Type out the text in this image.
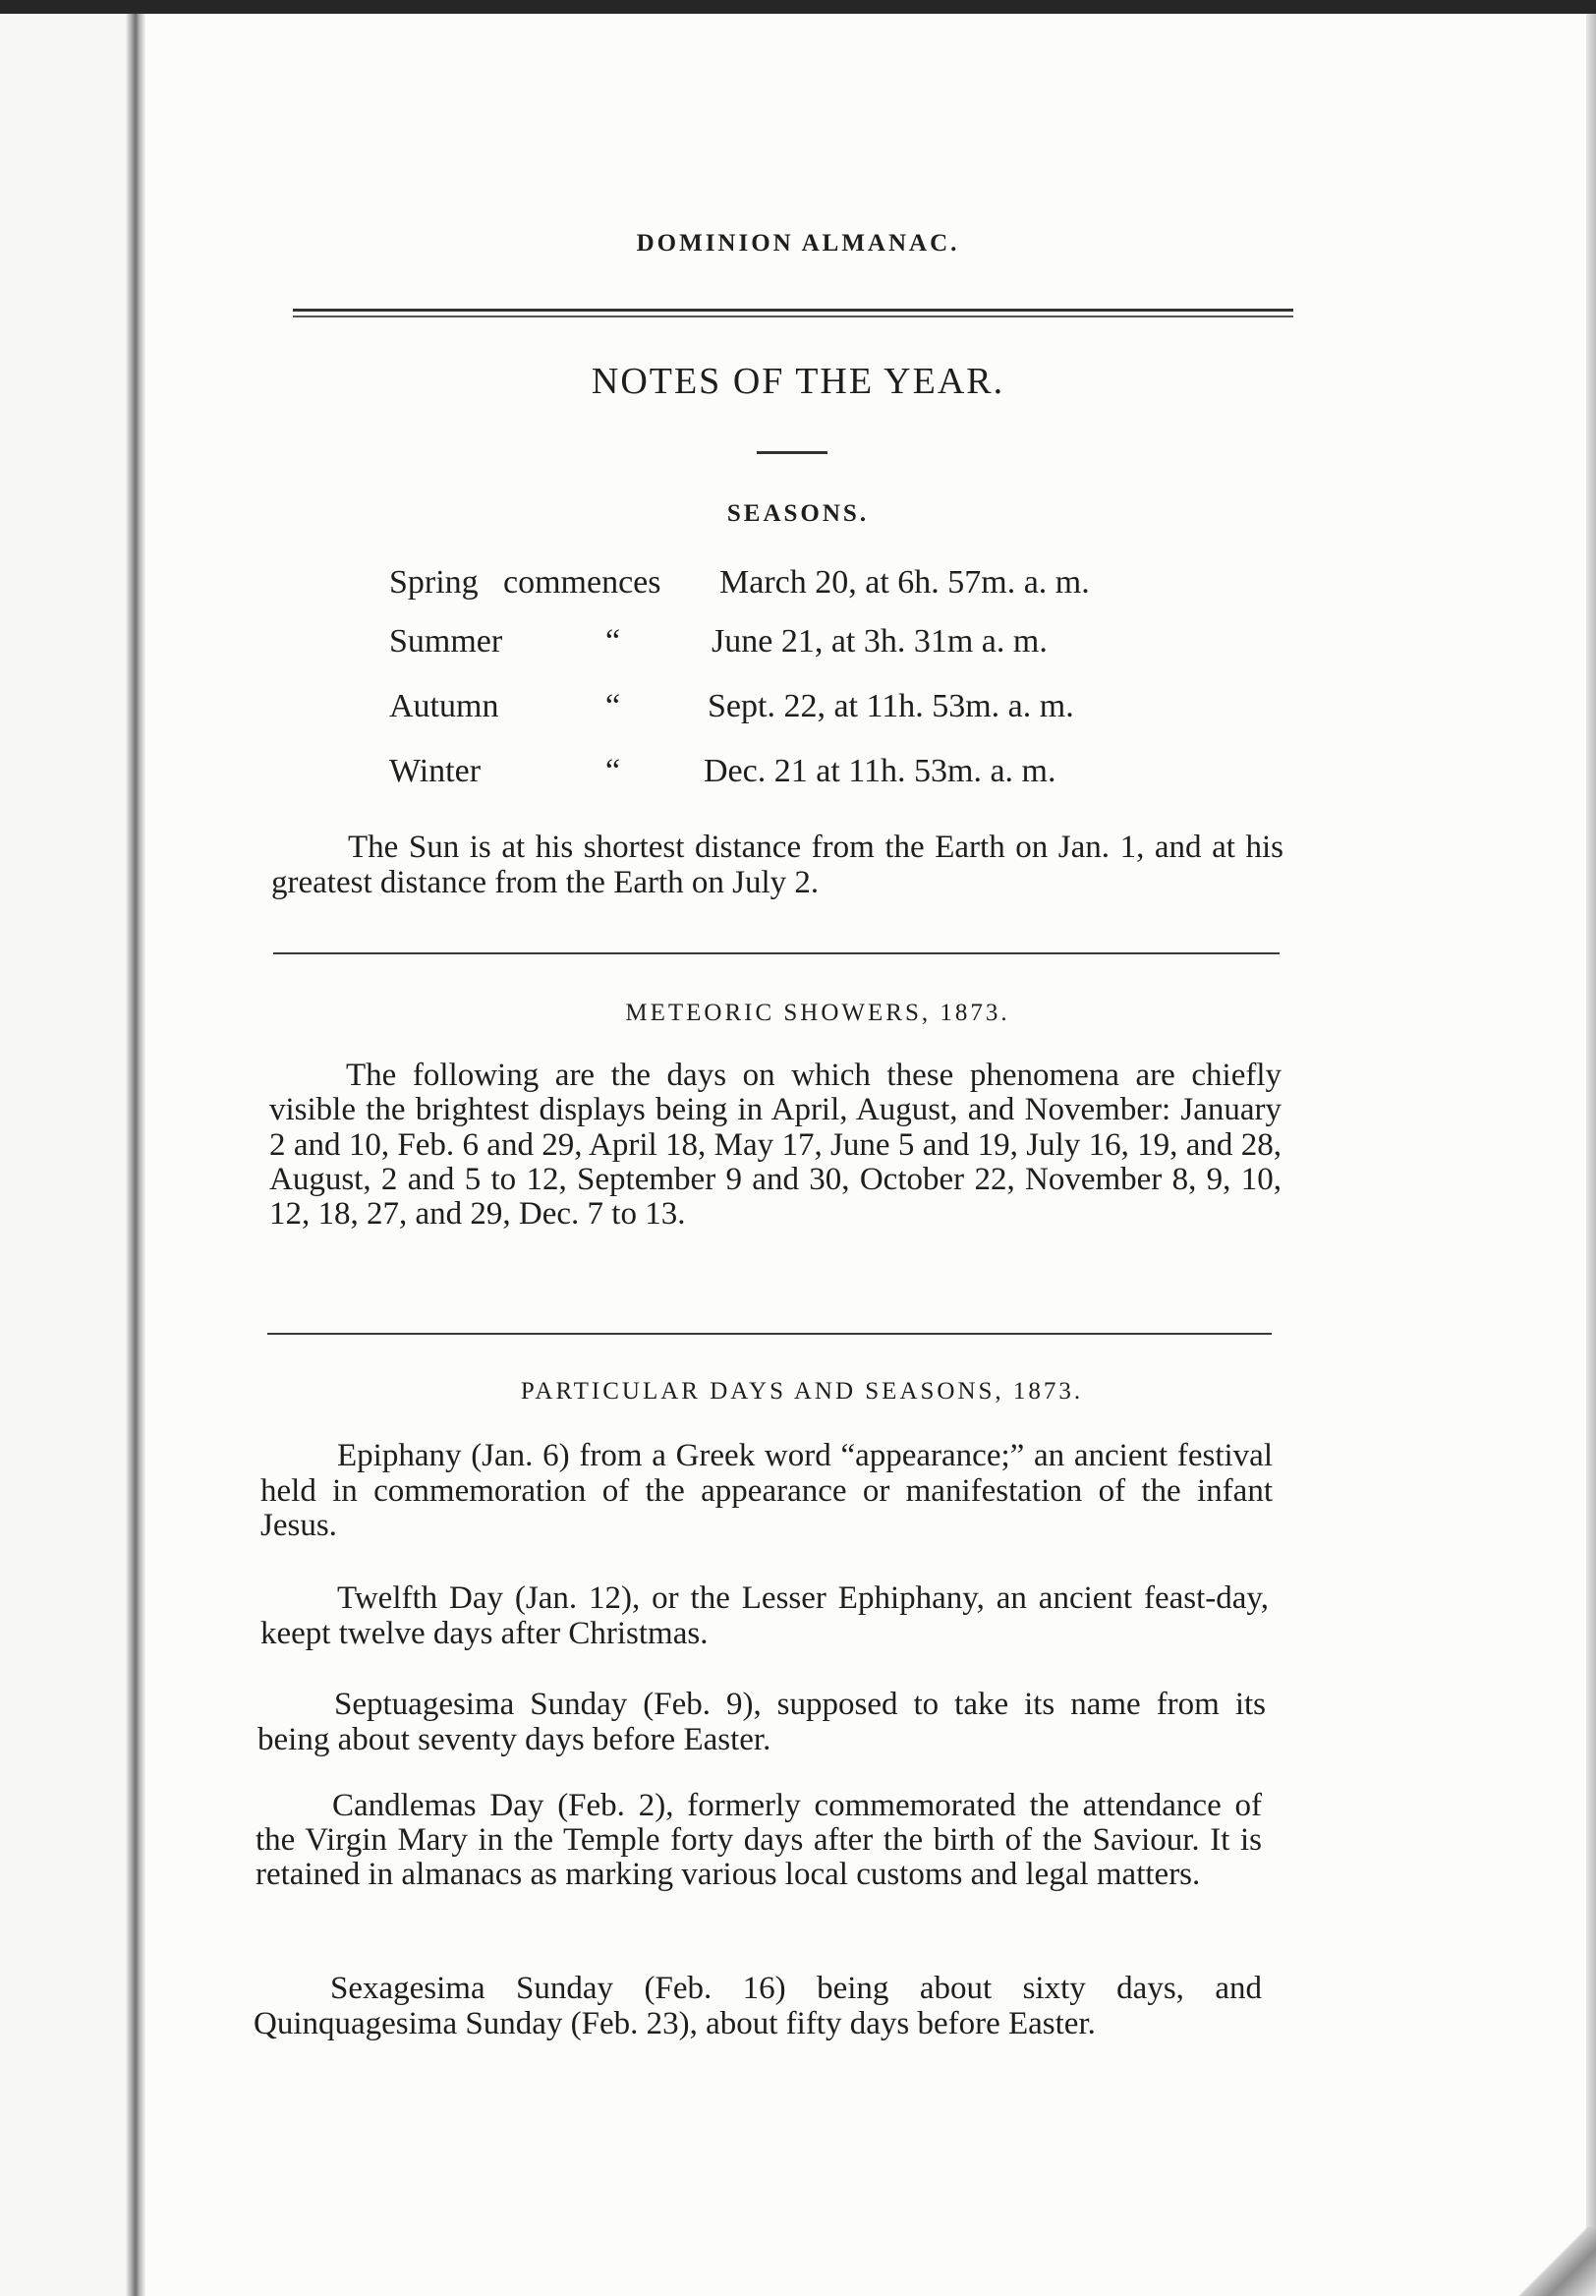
DOMINION ALMANAC.
NOTES OF THE YEAR.
SEASONS.
Spring commences March 20, at 6h. 57m. a. m.
Summer	“	June 21, at 3h. 31m a. m.
Autumn	“	Sept. 22, at 11h. 53m. a. m.
Winter	“ Dec. 21 at 11h. 53m. a. m.

The Sun is at his shortest distance from the Earth on Jan. 1, and at his greatest distance from the Earth on July 2.

METEORIC SHOWERS, 1873.

The following are the days on which these phenomena are chiefly visible the brightest displays being in April, August, and November: January 2 and 10, Feb. 6 and 29, April 18, May 17, June 5 and 19, July 16, 19, and 28, August, 2 and 5 to 12, September 9 and 30, October 22, November 8, 9, 10, 12, 18, 27, and 29, Dec. 7 to 13.

PARTICULAR DAYS AND SEASONS, 1873.

Epiphany (Jan. 6) from a Greek word “appearance;” an ancient festival held in commemoration of the appearance or manifestation of the infant Jesus.

Twelfth Day (Jan. 12), or the Lesser Ephiphany, an ancient feast-day, keept twelve days after Christmas.

Septuagesima Sunday (Feb. 9), supposed to take its name from its being about seventy days before Easter.

Candlemas Day (Feb. 2), formerly commemorated the attendance of the Virgin Mary in the Temple forty days after the birth of the Saviour. It is retained in almanacs as marking various local customs and legal matters.

Sexagesima Sunday (Feb. 16) being about sixty days, and Quinquagesima Sunday (Feb. 23), about fifty days before Easter.
